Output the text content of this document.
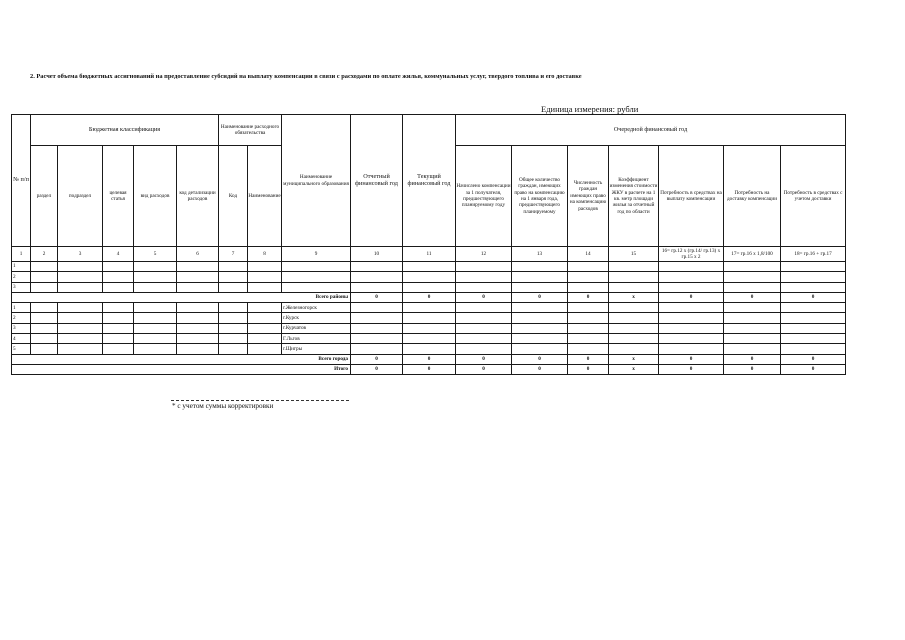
2. Расчет объема бюджетных ассигнований на предоставление субсидий на выплату компенсации в связи с расходами по оплате жилья, коммунальных услуг, твердого топлива и его доставке
Единица измерения: рубли
№ п/п	Бюджетная классификация					Наименование расходного обязательства		Наименование муниципального образования	Отчетный финансовый год	Текущий финансовый год	Очередной финансовый год						
	раздел	подраздел	целевая статья	вид расходов	код детализации расходов	Код	Наименование				Начислено компенсации за 1 получателя, предшествующего планируемому году	Общее количество граждан, имеющих право на компенсацию на 1 января года, предшествующего планируемому	Численность граждан имеющих право на компенсацию расходов	Коэффициент изменения стоимости ЖКУ в расчете на 1 кв. метр площади жилья за отчетный год по области	Потребность в средствах на выплату компенсации	Потребность на доставку компенсации	Потребность в средствах с учетом доставки
1	2	3	4	5	6	7	8	9	10	11	12	13	14	15	16= гр.12 х (гр.14/ гр.13) х гр.15 х 2	17= гр.16 х 1,8/100	18= гр.16 + гр.17
1																	
2																	
3																	
Всего районы									0	0	0	0	0	х	0	0	0
1								г.Железногорск									
2								г.Курск									
3								г.Курчатов									
4								Г.Льгов									
5								г.Щигры									
Всего города									0	0	0	0	0	х	0	0	0
Итого									0	0	0	0	0	х	0	0	0
* с учетом суммы корректировки
